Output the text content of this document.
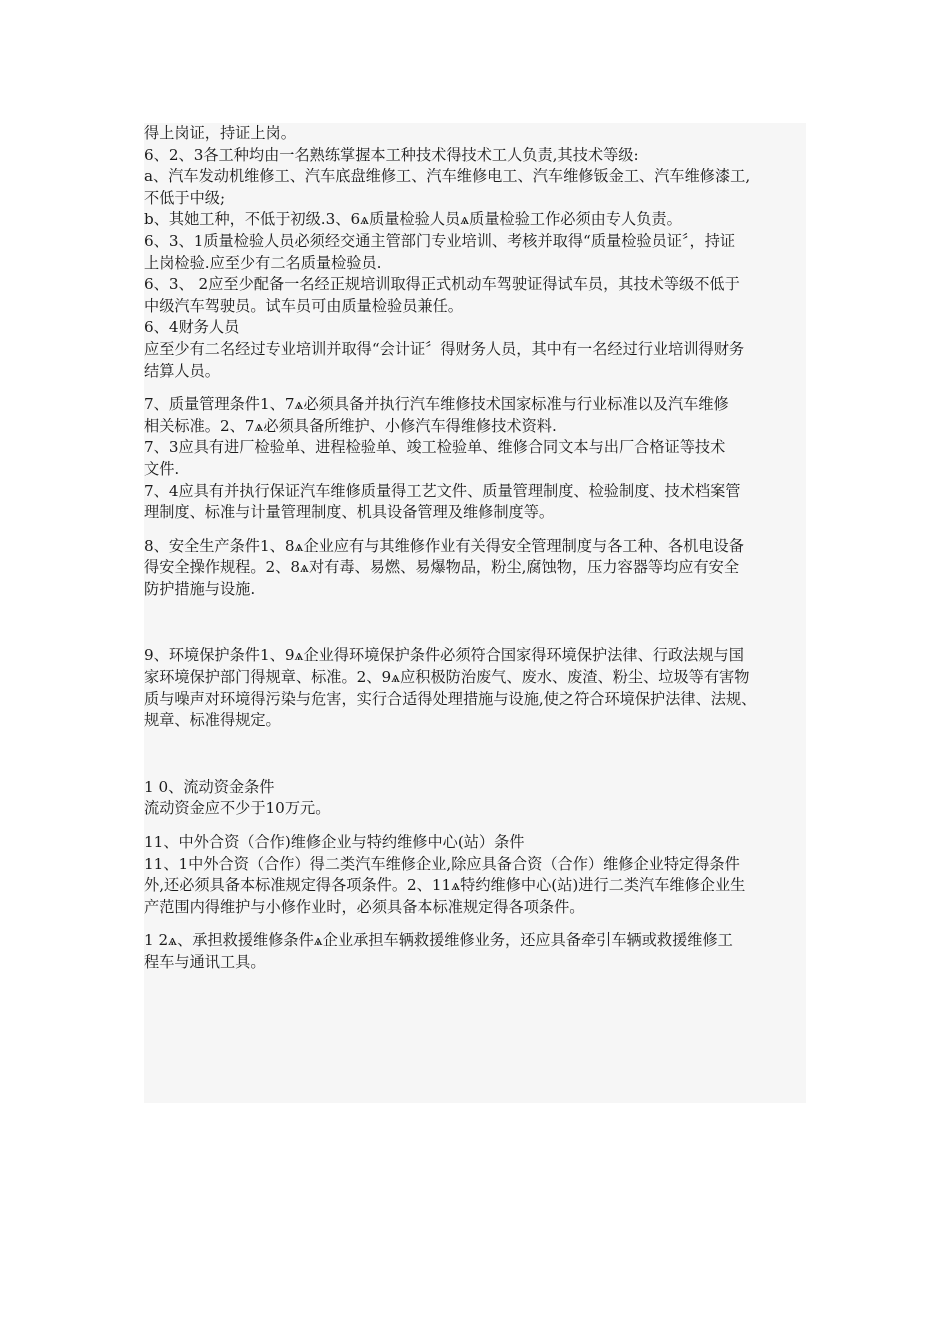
得上岗证，持证上岗。

6、2、3各工种均由一名熟练掌握本工种技术得技术工人负责,其技术等级:

a、汽车发动机维修工、汽车底盘维修工、汽车维修电工、汽车维修钣金工、汽车维修漆工,

不低于中级;

b、其她工种，不低于初级.3、6ѧ质量检验人员ѧ质量检验工作必须由专人负责。

6、3、1质量检验人员必须经交通主管部门专业培训、考核并取得“质量检验员证〞，持证

上岗检验.应至少有二名质量检验员.

6、3、 2应至少配备一名经正规培训取得正式机动车驾驶证得试车员，其技术等级不低于

中级汽车驾驶员。试车员可由质量检验员兼任。

6、4财务人员

应至少有二名经过专业培训并取得“会计证〞得财务人员，其中有一名经过行业培训得财务

结算人员。

7、质量管理条件1、7ѧ必须具备并执行汽车维修技术国家标准与行业标准以及汽车维修

相关标准。2、7ѧ必须具备所维护、小修汽车得维修技术资料.

7、3应具有进厂检验单、进程检验单、竣工检验单、维修合同文本与出厂合格证等技术

文件.

7、4应具有并执行保证汽车维修质量得工艺文件、质量管理制度、检验制度、技术档案管

理制度、标准与计量管理制度、机具设备管理及维修制度等。

8、安全生产条件1、8ѧ企业应有与其维修作业有关得安全管理制度与各工种、各机电设备

得安全操作规程。2、8ѧ对有毒、易燃、易爆物品，粉尘,腐蚀物，压力容器等均应有安全

防护措施与设施.

9、环境保护条件1、9ѧ企业得环境保护条件必须符合国家得环境保护法律、行政法规与国

家环境保护部门得规章、标准。2、9ѧ应积极防治废气、废水、废渣、粉尘、垃圾等有害物

质与噪声对环境得污染与危害，实行合适得处理措施与设施,使之符合环境保护法律、法规、

规章、标准得规定。

1 0、流动资金条件

流动资金应不少于10万元。

11、中外合资（合作)维修企业与特约维修中心(站）条件

11、1中外合资（合作）得二类汽车维修企业,除应具备合资（合作）维修企业特定得条件

外,还必须具备本标准规定得各项条件。2、11ѧ特约维修中心(站)进行二类汽车维修企业生

产范围内得维护与小修作业时，必须具备本标准规定得各项条件。

1 2ѧ、承担救援维修条件ѧ企业承担车辆救援维修业务，还应具备牵引车辆或救援维修工

程车与通讯工具。
